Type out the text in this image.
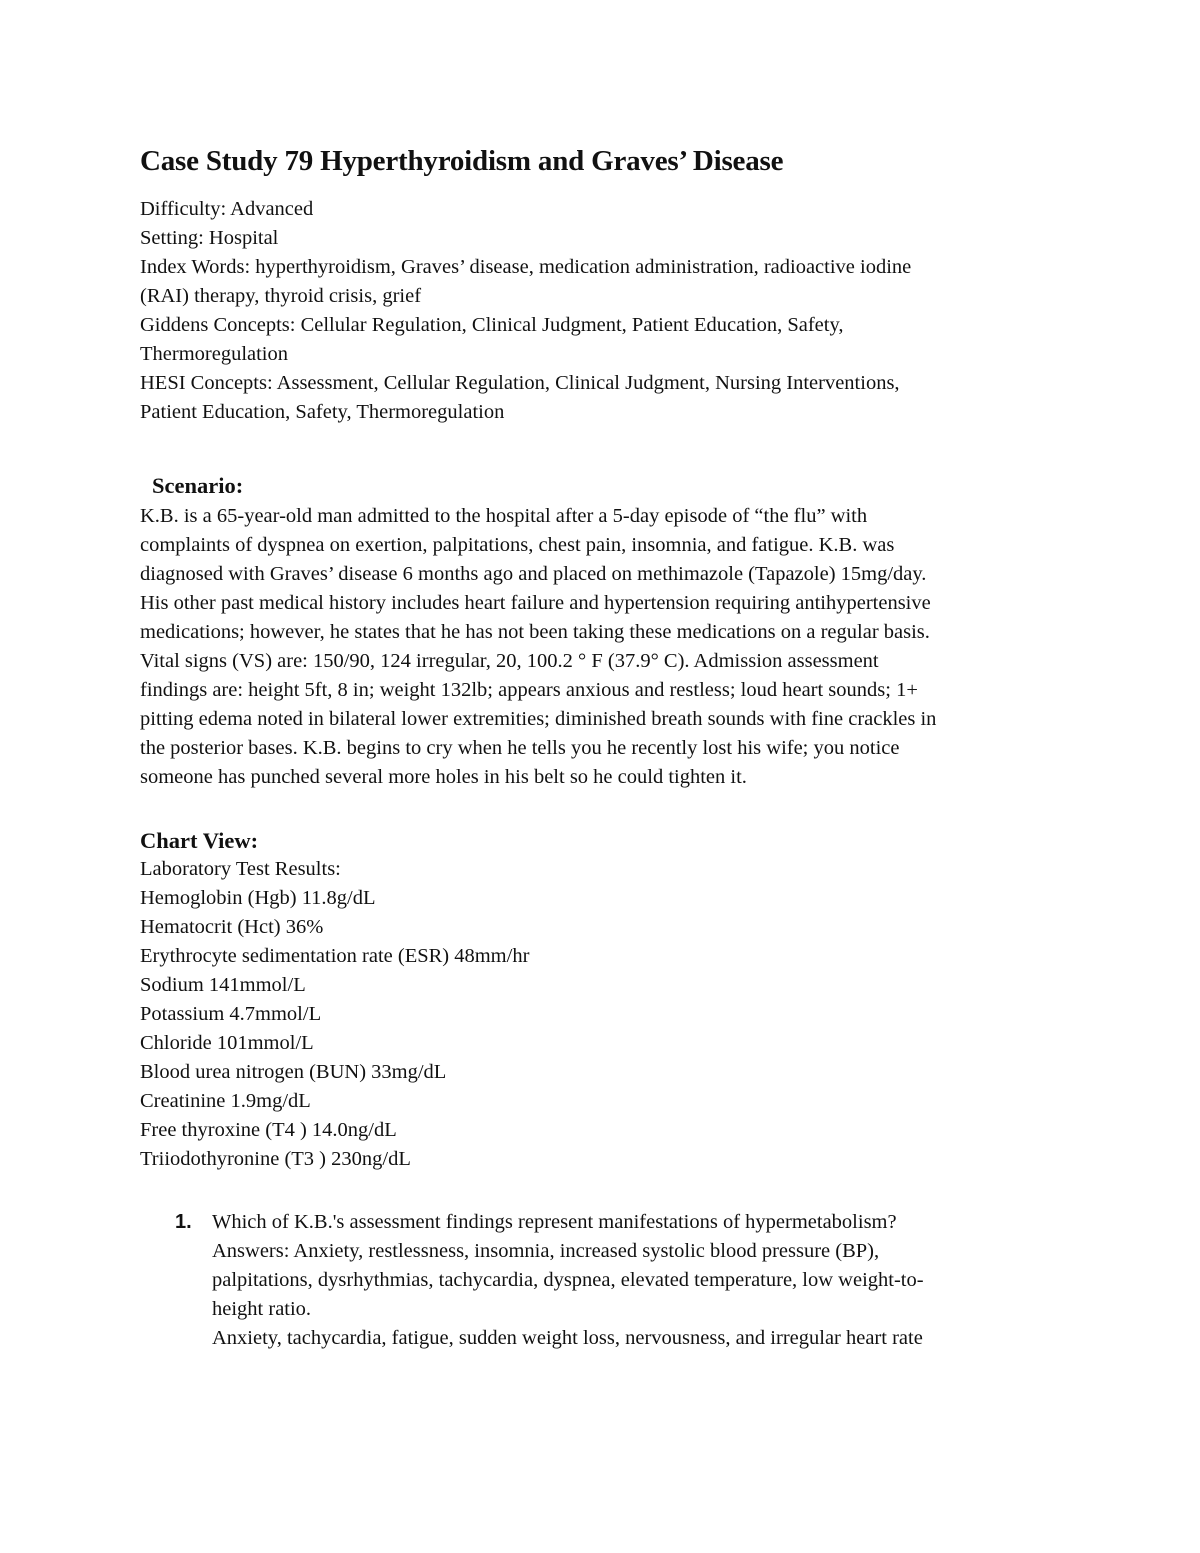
Case Study 79 Hyperthyroidism and Graves’ Disease

Difficulty: Advanced

Setting: Hospital

Index Words: hyperthyroidism, Graves’ disease, medication administration, radioactive iodine

(RAI) therapy, thyroid crisis, grief

Giddens Concepts: Cellular Regulation, Clinical Judgment, Patient Education, Safety,

Thermoregulation

HESI Concepts: Assessment, Cellular Regulation, Clinical Judgment, Nursing Interventions,

Patient Education, Safety, Thermoregulation

Scenario:

K.B. is a 65-year-old man admitted to the hospital after a 5-day episode of “the flu” with

complaints of dyspnea on exertion, palpitations, chest pain, insomnia, and fatigue. K.B. was

diagnosed with Graves’ disease 6 months ago and placed on methimazole (Tapazole) 15mg/day.

His other past medical history includes heart failure and hypertension requiring antihypertensive

medications; however, he states that he has not been taking these medications on a regular basis.

Vital signs (VS) are: 150/90, 124 irregular, 20, 100.2 ° F (37.9° C). Admission assessment

findings are: height 5ft, 8 in; weight 132lb; appears anxious and restless; loud heart sounds; 1+

pitting edema noted in bilateral lower extremities; diminished breath sounds with fine crackles in

the posterior bases. K.B. begins to cry when he tells you he recently lost his wife; you notice

someone has punched several more holes in his belt so he could tighten it.

Chart View:

Laboratory Test Results:

Hemoglobin (Hgb) 11.8g/dL

Hematocrit (Hct) 36%

Erythrocyte sedimentation rate (ESR) 48mm/hr

Sodium 141mmol/L

Potassium 4.7mmol/L

Chloride 101mmol/L

Blood urea nitrogen (BUN) 33mg/dL

Creatinine 1.9mg/dL

Free thyroxine (T4 ) 14.0ng/dL

Triiodothyronine (T3 ) 230ng/dL

1. Which of K.B.'s assessment findings represent manifestations of hypermetabolism?

Answers: Anxiety, restlessness, insomnia, increased systolic blood pressure (BP),

palpitations, dysrhythmias, tachycardia, dyspnea, elevated temperature, low weight-to-

height ratio.

Anxiety, tachycardia, fatigue, sudden weight loss, nervousness, and irregular heart rate
